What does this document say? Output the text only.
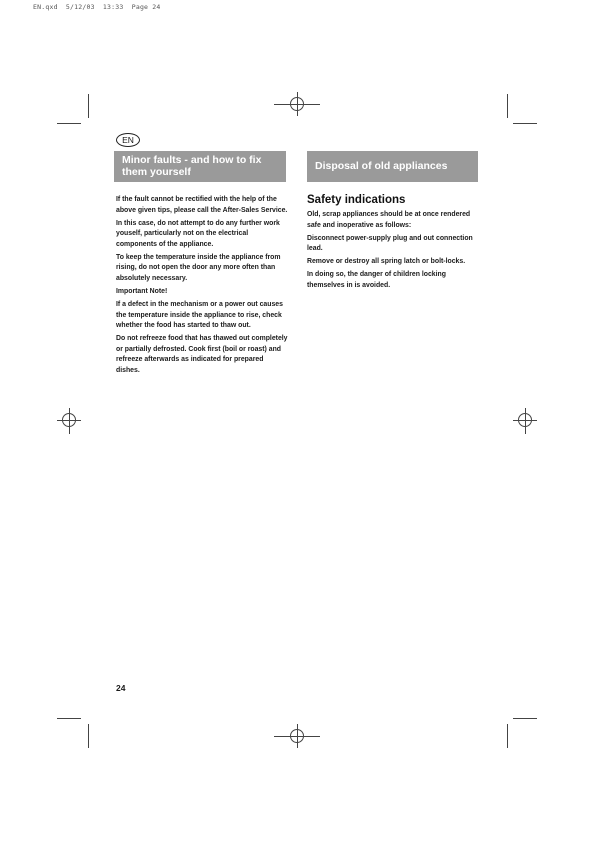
EN.qxd  5/12/03  13:33  Page 24
EN
Minor faults - and how to fix them yourself	Disposal of old appliances

If the fault cannot be rectified with the help of the above given tips, please call the After-Sales Service.

In this case, do not attempt to do any further work youself, particularly not on the electrical components of the appliance.

To keep the temperature inside the appliance from rising, do not open the door any more often than absolutely necessary.

Important Note!

If a defect in the mechanism or a power out causes the temperature inside the appliance to rise, check whether the food has started to thaw out.

Do not refreeze food that has thawed out completely or partially defrosted. Cook first (boil or roast) and refreeze afterwards as indicated for prepared dishes.

Safety indications

Old, scrap appliances should be at once rendered safe and inoperative as follows:

Disconnect power-supply plug and out connection lead.

Remove or destroy all spring latch or bolt-locks.

In doing so, the danger of children locking themselves in is avoided.

24
